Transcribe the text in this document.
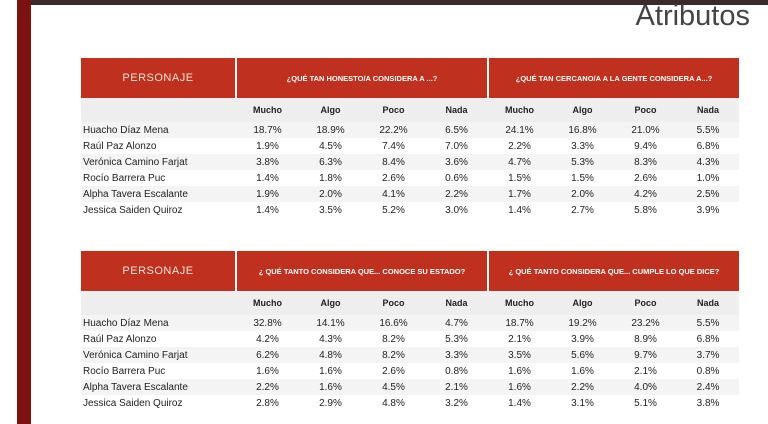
Atributos
PERSONAJE	¿QUÉ TAN HONESTO/A CONSIDERA A ...?				¿QUÉ TAN CERCANO/A A LA GENTE CONSIDERA A...?			
	Mucho	Algo	Poco	Nada	Mucho	Algo	Poco	Nada
Huacho Díaz Mena	18.7%	18.9%	22.2%	6.5%	24.1%	16.8%	21.0%	5.5%
Raúl Paz Alonzo	1.9%	4.5%	7.4%	7.0%	2.2%	3.3%	9.4%	6.8%
Verónica Camino Farjat	3.8%	6.3%	8.4%	3.6%	4.7%	5.3%	8.3%	4.3%
Rocío Barrera Puc	1.4%	1.8%	2.6%	0.6%	1.5%	1.5%	2.6%	1.0%
Alpha Tavera Escalante	1.9%	2.0%	4.1%	2.2%	1.7%	2.0%	4.2%	2.5%
Jessica Saiden Quiroz	1.4%	3.5%	5.2%	3.0%	1.4%	2.7%	5.8%	3.9%
PERSONAJE	¿ QUÉ TANTO CONSIDERA QUE... CONOCE SU ESTADO?				¿ QUÉ TANTO CONSIDERA QUE... CUMPLE LO QUE DICE?			
	Mucho	Algo	Poco	Nada	Mucho	Algo	Poco	Nada
Huacho Díaz Mena	32.8%	14.1%	16.6%	4.7%	18.7%	19.2%	23.2%	5.5%
Raúl Paz Alonzo	4.2%	4.3%	8.2%	5.3%	2.1%	3.9%	8.9%	6.8%
Verónica Camino Farjat	6.2%	4.8%	8.2%	3.3%	3.5%	5.6%	9.7%	3.7%
Rocío Barrera Puc	1.6%	1.6%	2.6%	0.8%	1.6%	1.6%	2.1%	0.8%
Alpha Tavera Escalante	2.2%	1.6%	4.5%	2.1%	1.6%	2.2%	4.0%	2.4%
Jessica Saiden Quiroz	2.8%	2.9%	4.8%	3.2%	1.4%	3.1%	5.1%	3.8%
